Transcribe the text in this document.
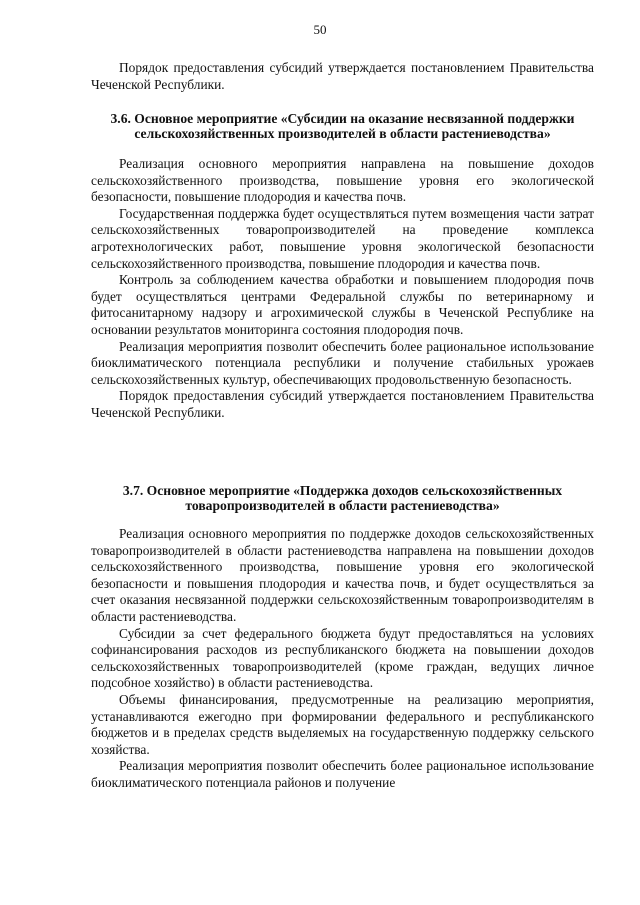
50

Порядок предоставления субсидий утверждается постановлением Правительства Чеченской Республики.

3.6. Основное мероприятие «Субсидии на оказание несвязанной поддержки сельскохозяйственных производителей в области растениеводства»

Реализация основного мероприятия направлена на повышение доходов сельскохозяйственного производства, повышение уровня его экологической безопасности, повышение плодородия и качества почв.

Государственная поддержка будет осуществляться путем возмещения части затрат сельскохозяйственных товаропроизводителей на проведение комплекса агротехнологических работ, повышение уровня экологической безопасности сельскохозяйственного производства, повышение плодородия и качества почв.

Контроль за соблюдением качества обработки и повышением плодородия почв будет осуществляться центрами Федеральной службы по ветеринарному и фитосанитарному надзору и агрохимической службы в Чеченской Республике на основании результатов мониторинга состояния плодородия почв.

Реализация мероприятия позволит обеспечить более рациональное использование биоклиматического потенциала республики и получение стабильных урожаев сельскохозяйственных культур, обеспечивающих продовольственную безопасность.

Порядок предоставления субсидий утверждается постановлением Правительства Чеченской Республики.

3.7. Основное мероприятие «Поддержка доходов сельскохозяйственных товаропроизводителей в области растениеводства»

Реализация основного мероприятия по поддержке доходов сельскохозяйственных товаропроизводителей в области растениеводства направлена на повышении доходов сельскохозяйственного производства, повышение уровня его экологической безопасности и повышения плодородия и качества почв, и будет осуществляться за счет оказания несвязанной поддержки сельскохозяйственным товаропроизводителям в области растениеводства.

Субсидии за счет федерального бюджета будут предоставляться на условиях софинансирования расходов из республиканского бюджета на повышении доходов сельскохозяйственных товаропроизводителей (кроме граждан, ведущих личное подсобное хозяйство) в области растениеводства.

Объемы финансирования, предусмотренные на реализацию мероприятия, устанавливаются ежегодно при формировании федерального и республиканского бюджетов и в пределах средств выделяемых на государственную поддержку сельского хозяйства.

Реализация мероприятия позволит обеспечить более рациональное использование биоклиматического потенциала районов и получение
